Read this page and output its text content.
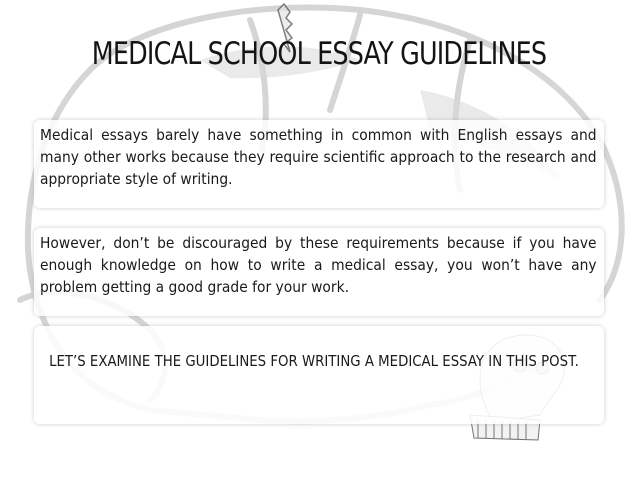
MEDICAL SCHOOL ESSAY GUIDELINES
Medical essays barely have something in common with English essays and many other works because they require scientific approach to the research and appropriate style of writing.
However, don’t be discouraged by these requirements because if you have enough knowledge on how to write a medical essay, you won’t have any problem getting a good grade for your work.
LET’S EXAMINE THE GUIDELINES FOR WRITING A MEDICAL ESSAY IN THIS POST.
